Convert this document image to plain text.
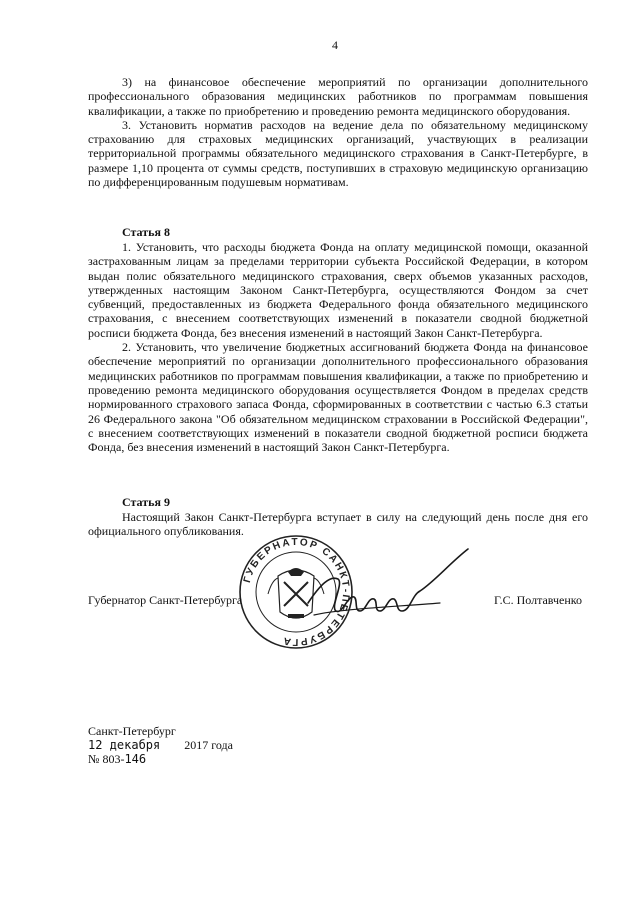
4

3) на финансовое обеспечение мероприятий по организации дополнительного профессионального образования медицинских работников по программам повышения квалификации, а также по приобретению и проведению ремонта медицинского оборудования.

3. Установить норматив расходов на ведение дела по обязательному медицинскому страхованию для страховых медицинских организаций, участвующих в реализации территориальной программы обязательного медицинского страхования в Санкт-Петербурге, в размере 1,10 процента от суммы средств, поступивших в страховую медицинскую организацию по дифференцированным подушевым нормативам.

Статья 8

1. Установить, что расходы бюджета Фонда на оплату медицинской помощи, оказанной застрахованным лицам за пределами территории субъекта Российской Федерации, в котором выдан полис обязательного медицинского страхования, сверх объемов указанных расходов, утвержденных настоящим Законом Санкт-Петербурга, осуществляются Фондом за счет субвенций, предоставленных из бюджета Федерального фонда обязательного медицинского страхования, с внесением соответствующих изменений в показатели сводной бюджетной росписи бюджета Фонда, без внесения изменений в настоящий Закон Санкт-Петербурга.

2. Установить, что увеличение бюджетных ассигнований бюджета Фонда на финансовое обеспечение мероприятий по организации дополнительного профессионального образования медицинских работников по программам повышения квалификации, а также по приобретению и проведению ремонта медицинского оборудования осуществляется Фондом в пределах средств нормированного страхового запаса Фонда, сформированных в соответствии с частью 6.3 статьи 26 Федерального закона "Об обязательном медицинском страховании в Российской Федерации", с внесением соответствующих изменений в показатели сводной бюджетной росписи бюджета Фонда, без внесения изменений в настоящий Закон Санкт-Петербурга.

Статья 9

Настоящий Закон Санкт-Петербурга вступает в силу на следующий день после дня его официального опубликования.

ГУБЕРНАТОР САНКТ-ПЕТЕРБУРГА
Губернатор Санкт-Петербурга	Г.С. Полтавченко
Санкт-Петербург
12 декабря 2017 года
№ 803-146
